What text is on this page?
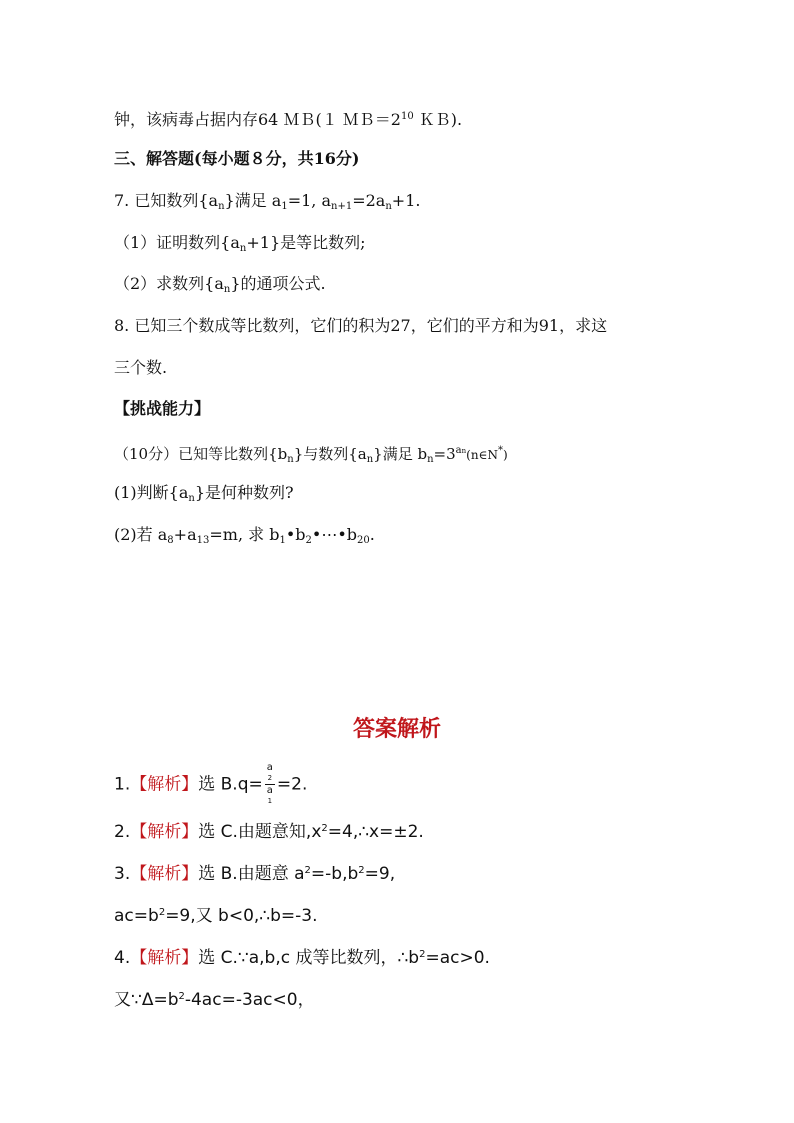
钟，该病毒占据内存64 ＭＢ(１ $MB=2^{10}$ ＫＢ).
三、解答题(每小题８分，共16分)
7. 已知数列$\{a_n\}$满足 $a_1=1$, $a_{n+1}=2a_n+1$.
（1）证明数列$\{a_n+1\}$是等比数列;
（2）求数列$\{a_n\}$的通项公式.
8. 已知三个数成等比数列，它们的积为27，它们的平方和为91，求这
三个数.
【挑战能力】
（10分）已知等比数列$\{b_n\}$与数列$\{a_n\}$满足 $b_n=3^{an}(n\in N^*)$
(1)判断$\{a_n\}$是何种数列?
(2)若 $a_8+a_{13}=m$, 求 $b_1•b_2•\cdots•b_{20}$.
答案解析
1.【解析】选 B.q= a
2
a
1 =2.
2.【解析】选 C.由题意知$,x^2=4,\therefore x=\pm 2$.
3.【解析】选 B.由题意 $a^2=-b,b^2=9$,
$ac=b^2=9$,又 b<0,∴b=-3.
4.【解析】选 C.∵a,b,c 成等比数列，$\therefore b^2=ac>0$.
又$\because\Delta=b^2-4ac=-3ac<0$，
